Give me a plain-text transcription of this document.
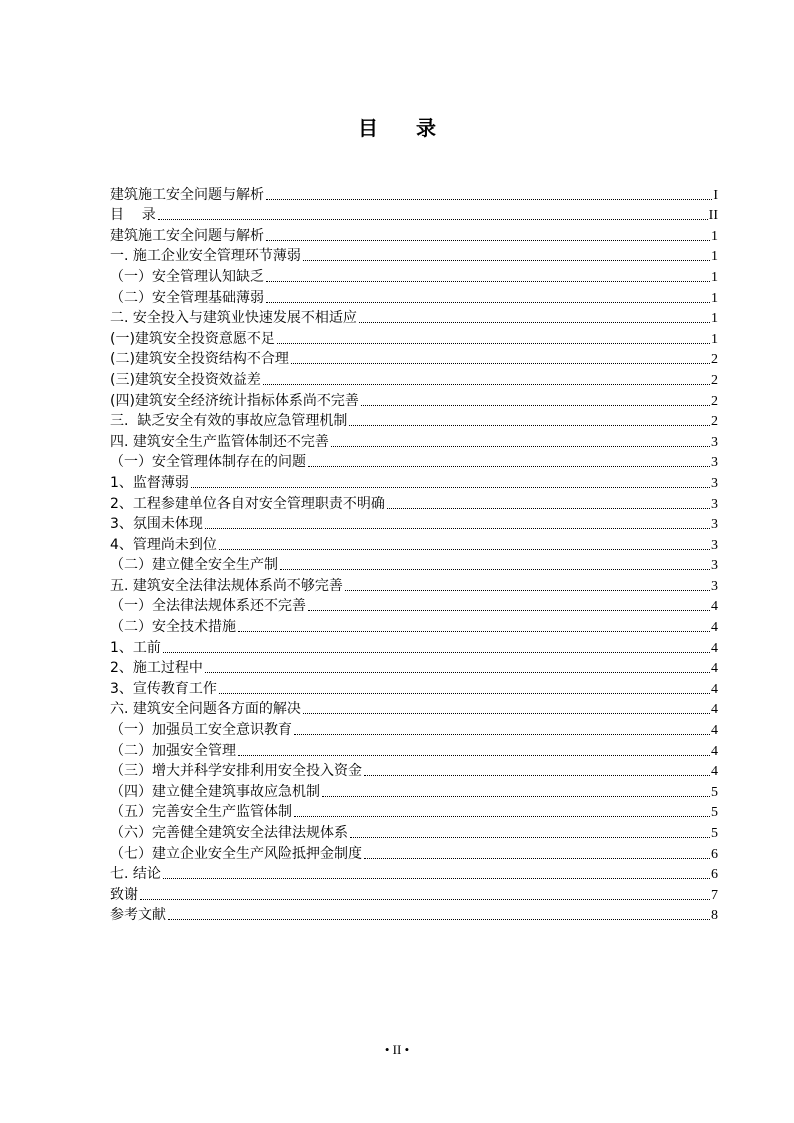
目 录
建筑施工安全问题与解析	I
目    录	II
建筑施工安全问题与解析	1
一. 施工企业安全管理环节薄弱	1
（一）安全管理认知缺乏	1
（二）安全管理基础薄弱	1
二. 安全投入与建筑业快速发展不相适应	1
(一)建筑安全投资意愿不足	1
(二)建筑安全投资结构不合理	2
(三)建筑安全投资效益差	2
(四)建筑安全经济统计指标体系尚不完善	2
三.  缺乏安全有效的事故应急管理机制	2
四. 建筑安全生产监管体制还不完善	3
（一）安全管理体制存在的问题	3
1、监督薄弱	3
2、工程参建单位各自对安全管理职责不明确	3
3、氛围未体现	3
4、管理尚未到位	3
（二）建立健全安全生产制	3
五. 建筑安全法律法规体系尚不够完善	3
（一）全法律法规体系还不完善	4
（二）安全技术措施	4
1、工前	4
2、施工过程中	4
3、宣传教育工作	4
六. 建筑安全问题各方面的解决	4
（一）加强员工安全意识教育	4
（二）加强安全管理	4
（三）增大并科学安排利用安全投入资金	4
（四）建立健全建筑事故应急机制	5
（五）完善安全生产监管体制	5
（六）完善健全建筑安全法律法规体系	5
（七）建立企业安全生产风险抵押金制度	6
七. 结论	6
致谢	7
参考文献	8
• II •
